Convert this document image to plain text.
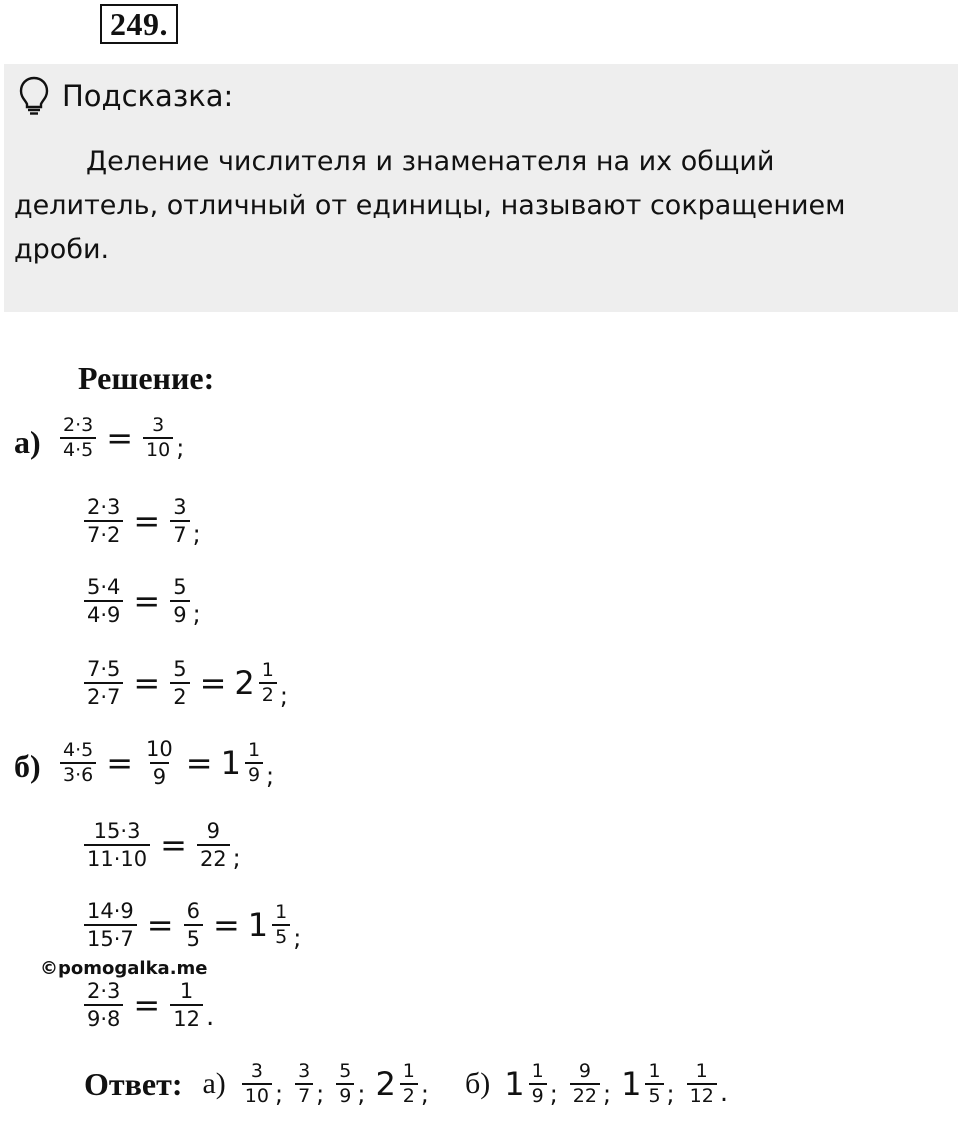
249.
Подсказка:
Деление числителя и знаменателя на их общий делитель, отличный от единицы, называют сокращением дроби.
Решение:
а)
б)
$\frac{2\cdot 3}{4\cdot 5} = \frac{3}{10}$ ;
$\frac{2\cdot 3}{7\cdot 2} = \frac{3}{7}$ ;
$\frac{5\cdot 4}{4\cdot 9} = \frac{5}{9}$ ;
$\frac{7\cdot 5}{2\cdot 7} = \frac{5}{2} = 2 \frac{1}{2}$ ;
$\frac{4\cdot 5}{3\cdot 6} = \frac{10}{9} = 1 \frac{1}{9}$ ;
$\frac{15\cdot 3}{11\cdot 10} = \frac{9}{22}$ ;
$\frac{14\cdot 9}{15\cdot 7} = \frac{6}{5} = 1 \frac{1}{5}$ ;
©pomogalka.me
$\frac{2\cdot 3}{9\cdot 8} = \frac{1}{12}$ .
Ответ: $а) \frac{3}{10}$ ; $\frac{3}{7}$ ; $\frac{5}{9}$ ; $2 \frac{1}{2}$ ; б) $1 \frac{1}{9}$ ; $\frac{9}{22}$ ; $1 \frac{1}{5}$ ; $\frac{1}{12}$ .
